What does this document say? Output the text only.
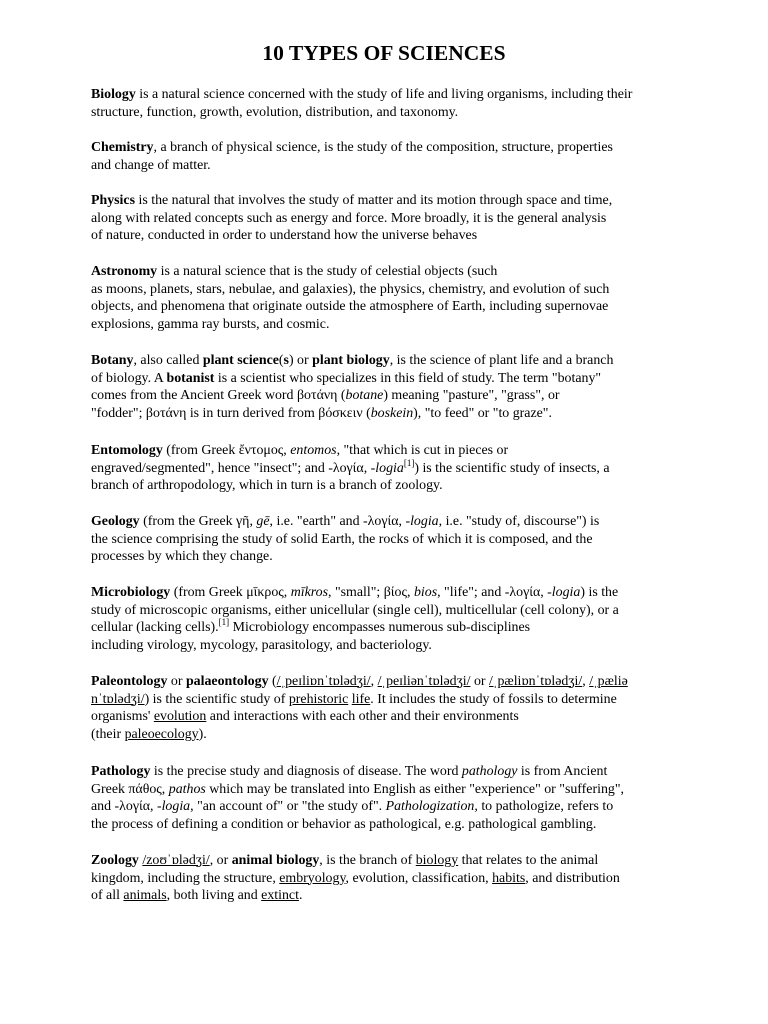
10 TYPES OF SCIENCES

Biology is a natural science concerned with the study of life and living organisms, including their
structure, function, growth, evolution, distribution, and taxonomy.

Chemistry, a branch of physical science, is the study of the composition, structure, properties
and change of matter.

Physics is the natural that involves the study of matter and its motion through space and time,
along with related concepts such as energy and force. More broadly, it is the general analysis
of nature, conducted in order to understand how the universe behaves

Astronomy is a natural science that is the study of celestial objects (such
as moons, planets, stars, nebulae, and galaxies), the physics, chemistry, and evolution of such
objects, and phenomena that originate outside the atmosphere of Earth, including supernovae
explosions, gamma ray bursts, and cosmic.

Botany, also called plant science(s) or plant biology, is the science of plant life and a branch
of biology. A botanist is a scientist who specializes in this field of study. The term "botany"
comes from the Ancient Greek word βοτάνη (botane) meaning "pasture", "grass", or
"fodder"; βοτάνη is in turn derived from βόσκειν (boskein), "to feed" or "to graze".

Entomology (from Greek ἔντομος, entomos, "that which is cut in pieces or
engraved/segmented", hence "insect"; and -λογία, -logia[1]) is the scientific study of insects, a
branch of arthropodology, which in turn is a branch of zoology.

Geology (from the Greek γῆ, gē, i.e. "earth" and -λoγία, -logia, i.e. "study of, discourse") is
the science comprising the study of solid Earth, the rocks of which it is composed, and the
processes by which they change.

Microbiology (from Greek μῑκρος, mīkros, "small"; βίος, bios, "life"; and -λογία, -logia) is the
study of microscopic organisms, either unicellular (single cell), multicellular (cell colony), or a
cellular (lacking cells).[1] Microbiology encompasses numerous sub-disciplines
including virology, mycology, parasitology, and bacteriology.

Paleontology or palaeontology (/ˌpeɪliɒnˈtɒlədʒi/, /ˌpeɪliənˈtɒlədʒi/ or /ˌpæliɒnˈtɒlədʒi/, /ˌpæliə
nˈtɒlədʒi/) is the scientific study of prehistoric life. It includes the study of fossils to determine
organisms' evolution and interactions with each other and their environments
(their paleoecology).

Pathology is the precise study and diagnosis of disease. The word pathology is from Ancient
Greek πάθος, pathos which may be translated into English as either "experience" or "suffering",
and -λογία, -logia, "an account of" or "the study of". Pathologization, to pathologize, refers to
the process of defining a condition or behavior as pathological, e.g. pathological gambling.

Zoology /zoʊˈɒlədʒi/, or animal biology, is the branch of biology that relates to the animal
kingdom, including the structure, embryology, evolution, classification, habits, and distribution
of all animals, both living and extinct.
